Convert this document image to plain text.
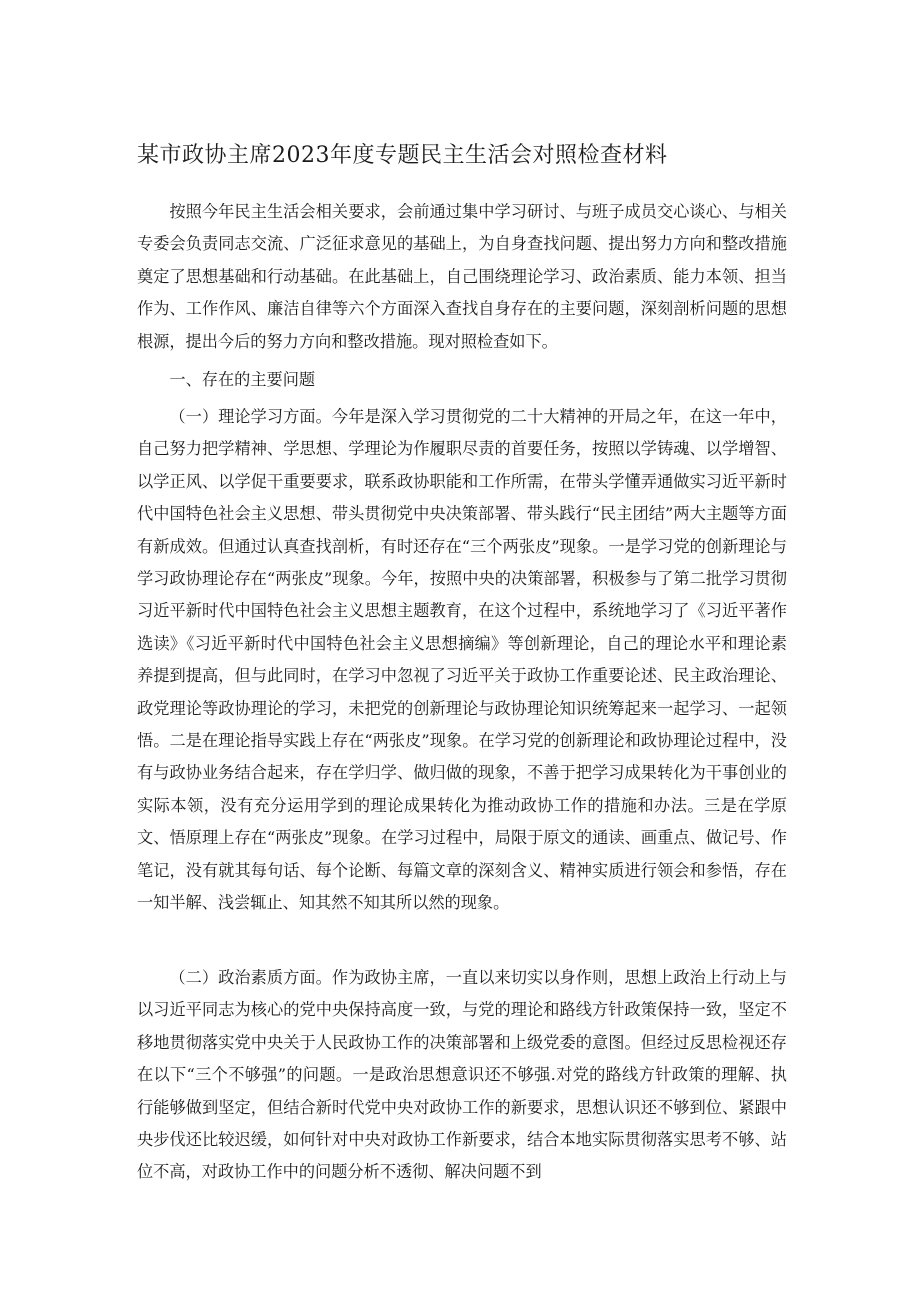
某市政协主席2023年度专题民主生活会对照检查材料

按照今年民主生活会相关要求，会前通过集中学习研讨、与班子成员交心谈心、与相关专委会负责同志交流、广泛征求意见的基础上，为自身查找问题、提出努力方向和整改措施奠定了思想基础和行动基础。在此基础上，自己围绕理论学习、政治素质、能力本领、担当作为、工作作风、廉洁自律等六个方面深入查找自身存在的主要问题，深刻剖析问题的思想根源，提出今后的努力方向和整改措施。现对照检查如下。

一、存在的主要问题

（一）理论学习方面。今年是深入学习贯彻党的二十大精神的开局之年，在这一年中，自己努力把学精神、学思想、学理论为作履职尽责的首要任务，按照以学铸魂、以学增智、以学正风、以学促干重要要求，联系政协职能和工作所需，在带头学懂弄通做实习近平新时代中国特色社会主义思想、带头贯彻党中央决策部署、带头践行“民主团结”两大主题等方面有新成效。但通过认真查找剖析，有时还存在“三个两张皮”现象。一是学习党的创新理论与学习政协理论存在“两张皮”现象。今年，按照中央的决策部署，积极参与了第二批学习贯彻习近平新时代中国特色社会主义思想主题教育，在这个过程中，系统地学习了《习近平著作选读》《习近平新时代中国特色社会主义思想摘编》等创新理论，自己的理论水平和理论素养提到提高，但与此同时，在学习中忽视了习近平关于政协工作重要论述、民主政治理论、政党理论等政协理论的学习，未把党的创新理论与政协理论知识统筹起来一起学习、一起领悟。二是在理论指导实践上存在“两张皮”现象。在学习党的创新理论和政协理论过程中，没有与政协业务结合起来，存在学归学、做归做的现象，不善于把学习成果转化为干事创业的实际本领，没有充分运用学到的理论成果转化为推动政协工作的措施和办法。三是在学原文、悟原理上存在“两张皮”现象。在学习过程中，局限于原文的通读、画重点、做记号、作笔记，没有就其每句话、每个论断、每篇文章的深刻含义、精神实质进行领会和参悟，存在一知半解、浅尝辄止、知其然不知其所以然的现象。

（二）政治素质方面。作为政协主席，一直以来切实以身作则，思想上政治上行动上与以习近平同志为核心的党中央保持高度一致，与党的理论和路线方针政策保持一致，坚定不移地贯彻落实党中央关于人民政协工作的决策部署和上级党委的意图。但经过反思检视还存在以下“三个不够强”的问题。一是政治思想意识还不够强.对党的路线方针政策的理解、执行能够做到坚定，但结合新时代党中央对政协工作的新要求，思想认识还不够到位、紧跟中央步伐还比较迟缓，如何针对中央对政协工作新要求，结合本地实际贯彻落实思考不够、站位不高，对政协工作中的问题分析不透彻、解决问题不到
